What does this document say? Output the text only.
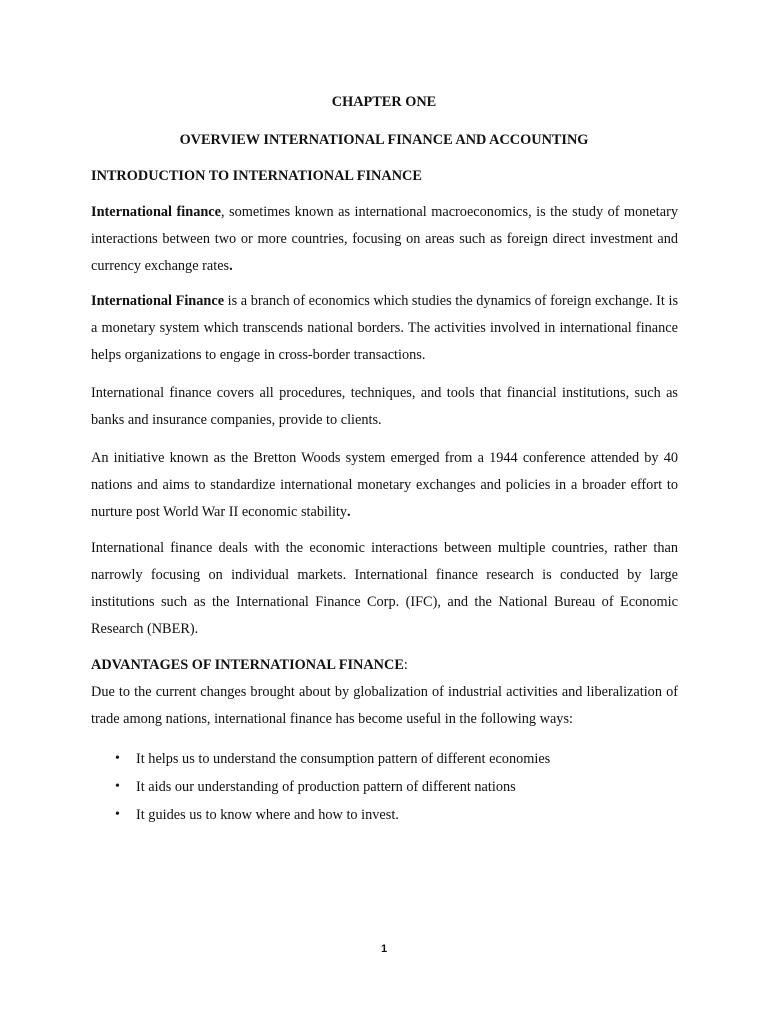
CHAPTER ONE
OVERVIEW INTERNATIONAL FINANCE AND ACCOUNTING
INTRODUCTION TO INTERNATIONAL FINANCE

International finance, sometimes known as international macroeconomics, is the study of monetary interactions between two or more countries, focusing on areas such as foreign direct investment and currency exchange rates.

International Finance is a branch of economics which studies the dynamics of foreign exchange. It is a monetary system which transcends national borders. The activities involved in international finance helps organizations to engage in cross-border transactions.

International finance covers all procedures, techniques, and tools that financial institutions, such as banks and insurance companies, provide to clients.

An initiative known as the Bretton Woods system emerged from a 1944 conference attended by 40 nations and aims to standardize international monetary exchanges and policies in a broader effort to nurture post World War II economic stability.

International finance deals with the economic interactions between multiple countries, rather than narrowly focusing on individual markets. International finance research is conducted by large institutions such as the International Finance Corp. (IFC), and the National Bureau of Economic Research (NBER).

ADVANTAGES OF INTERNATIONAL FINANCE:

Due to the current changes brought about by globalization of industrial activities and liberalization of trade among nations, international finance has become useful in the following ways:

• It helps us to understand the consumption pattern of different economies
• It aids our understanding of production pattern of different nations
• It guides us to know where and how to invest.
1
